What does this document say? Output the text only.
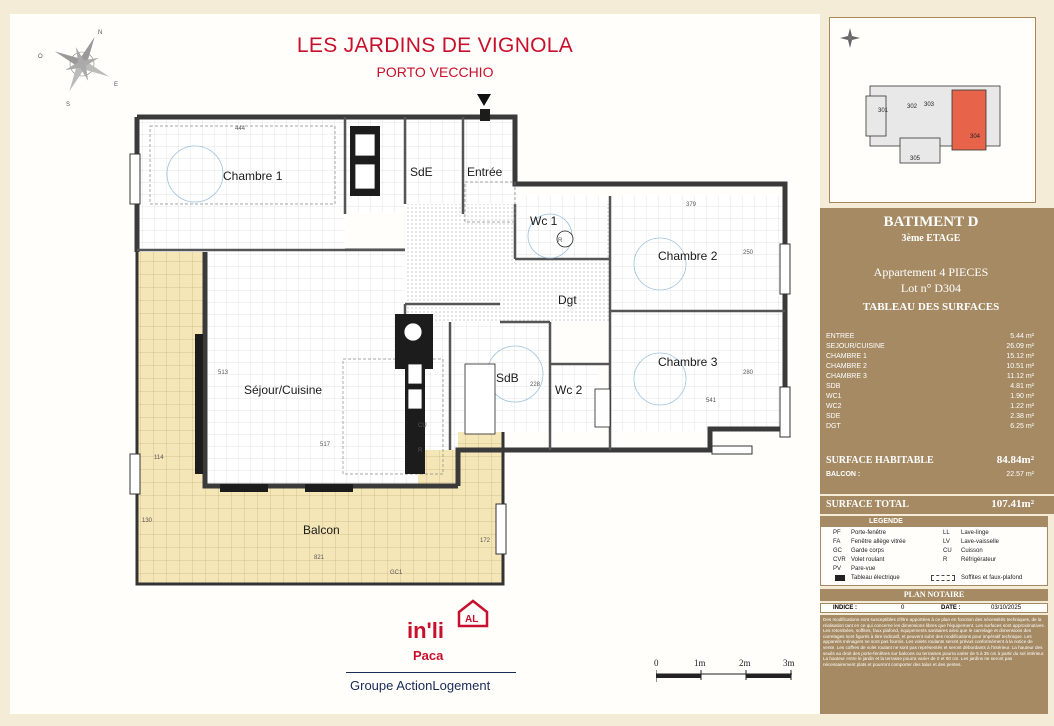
LES JARDINS DE VIGNOLA
PORTO VECCHIO
N
E
S
O
444
379
541
517
821
250
280
513
114
130
172
228
GC1
CU
R
R
Chambre 1	SdE	Entrée
Wc 1
Chambre 2
Dgt
Séjour/Cuisine
SdB
Wc 2
Chambre 3
Balcon
AL
in'li
Paca
Groupe ActionLogement
0	1m	2m	3m
301
302 303
304
305
BATIMENT D
3ème ETAGE
Appartement 4 PIECES
Lot n° D304
TABLEAU DES SURFACES
ENTREE	5.44 m²
SEJOUR/CUISINE	26.09 m²
CHAMBRE 1	15.12 m²
CHAMBRE 2	10.51 m²
CHAMBRE 3	11.12 m²
SDB	4.81 m²
WC1	1.90 m²
WC2	1.22 m²
SDE	2.38 m²
DGT	6.25 m²
SURFACE HABITABLE	84.84m²
BALCON :	22.57 m²
SURFACE TOTAL	107.41m²
LEGENDE
PF Porte-fenêtre
FA Fenêtre allège vitrée
GC Garde corps
CVR Volet roulant
PV Pare-vue
Tableau électrique
LL Lave-linge
LV Lave-vaisselle
CU Cuisson
R Réfrigérateur
Soffites et faux-plafond
PLAN NOTAIRE
INDICE :	0	DATE :	03/10/2025
Des modifications sont susceptibles d'être apportées à ce plan en fonction des nécessités techniques, de la réalisation tant en ce qui concerne les dimensions libres que l'équipement. Les surfaces sont approximatives. Les retombées, soffites, faux plafond, équipements sanitaires ainsi que le carrelage et dimensions des carrelages sont figurés à titre indicatif, et peuvent subir des modifications pour impératif technique. Les appareils ménagers ne sont pas fournis. Les volets roulants seront prévus conformément à la notice de vente. Les coffres de volet roulant ne sont pas représentés et seront débordants à l'intérieur. La hauteur des seuils au droit des porte-fenêtres sur balcons ou terrasses pourra varier de 5 à 35 cm à partir du sol intérieur. La hauteur entre le jardin et la terrasse pourra varier de 0 et 60 cm. Les jardins ne seront pas nécessairement plats et pourront comporter des talus et des pentes.
